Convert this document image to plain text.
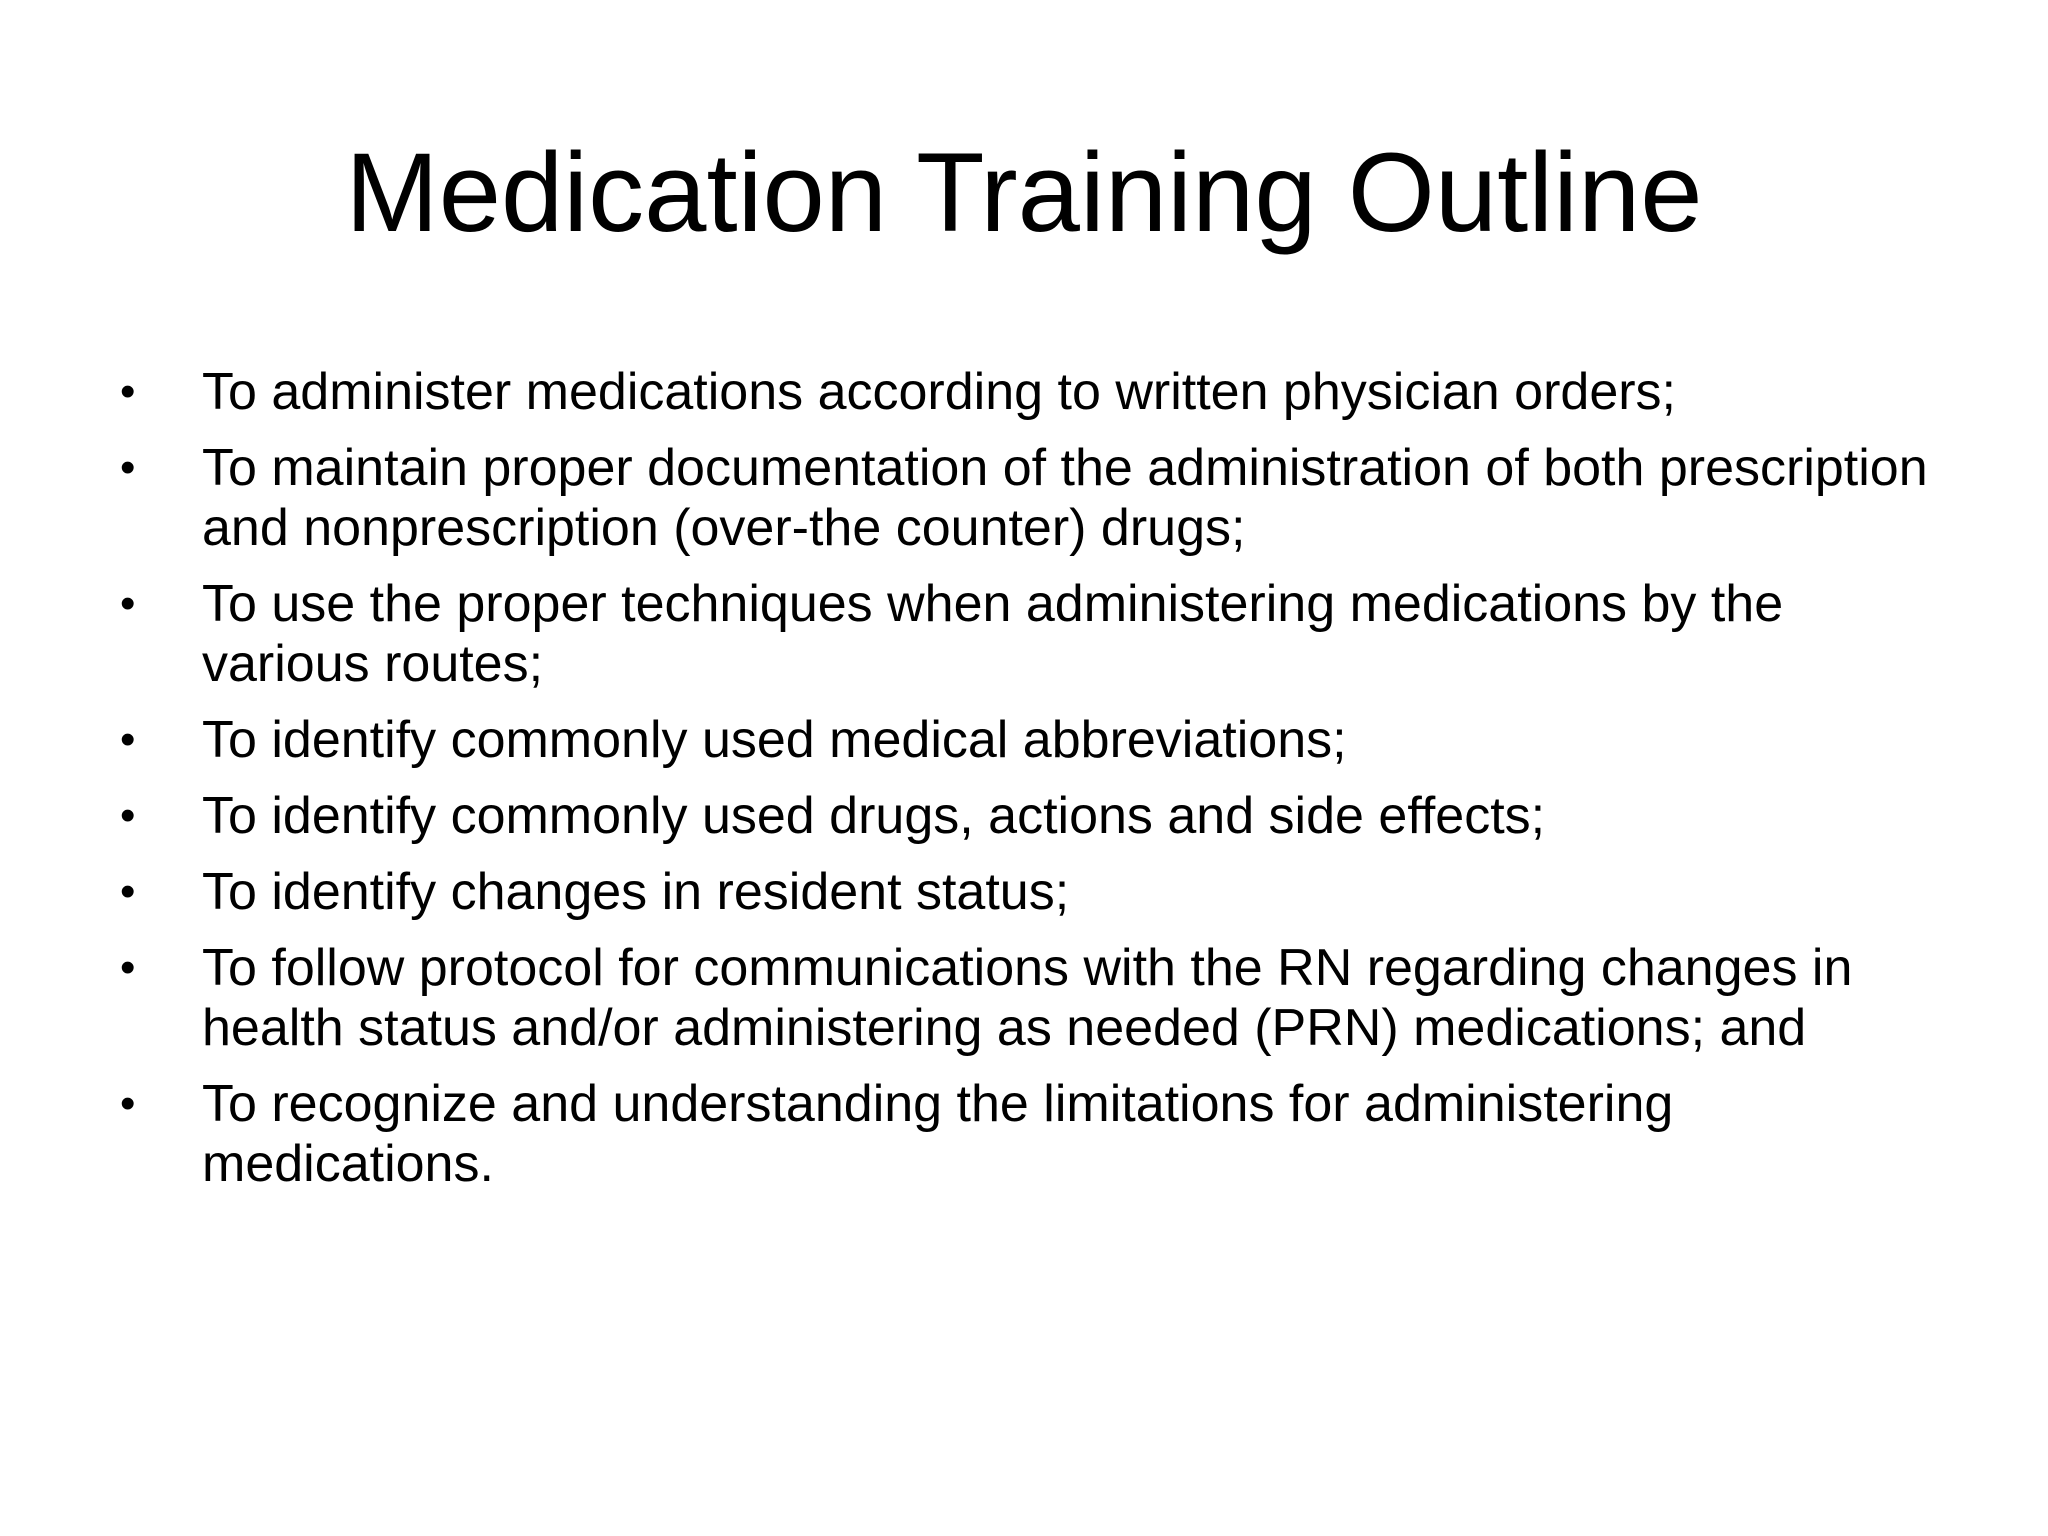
Medication Training Outline
•	To administer medications according to written physician orders;
•	To maintain proper documentation of the administration of both prescription and nonprescription (over-the counter) drugs;
•	To use the proper techniques when administering medications by the various routes;
•	To identify commonly used medical abbreviations;
•	To identify commonly used drugs, actions and side effects;
•	To identify changes in resident status;
•	To follow protocol for communications with the RN regarding changes in health status and/or administering as needed (PRN) medications; and
•	To recognize and understanding the limitations for administering medications.
